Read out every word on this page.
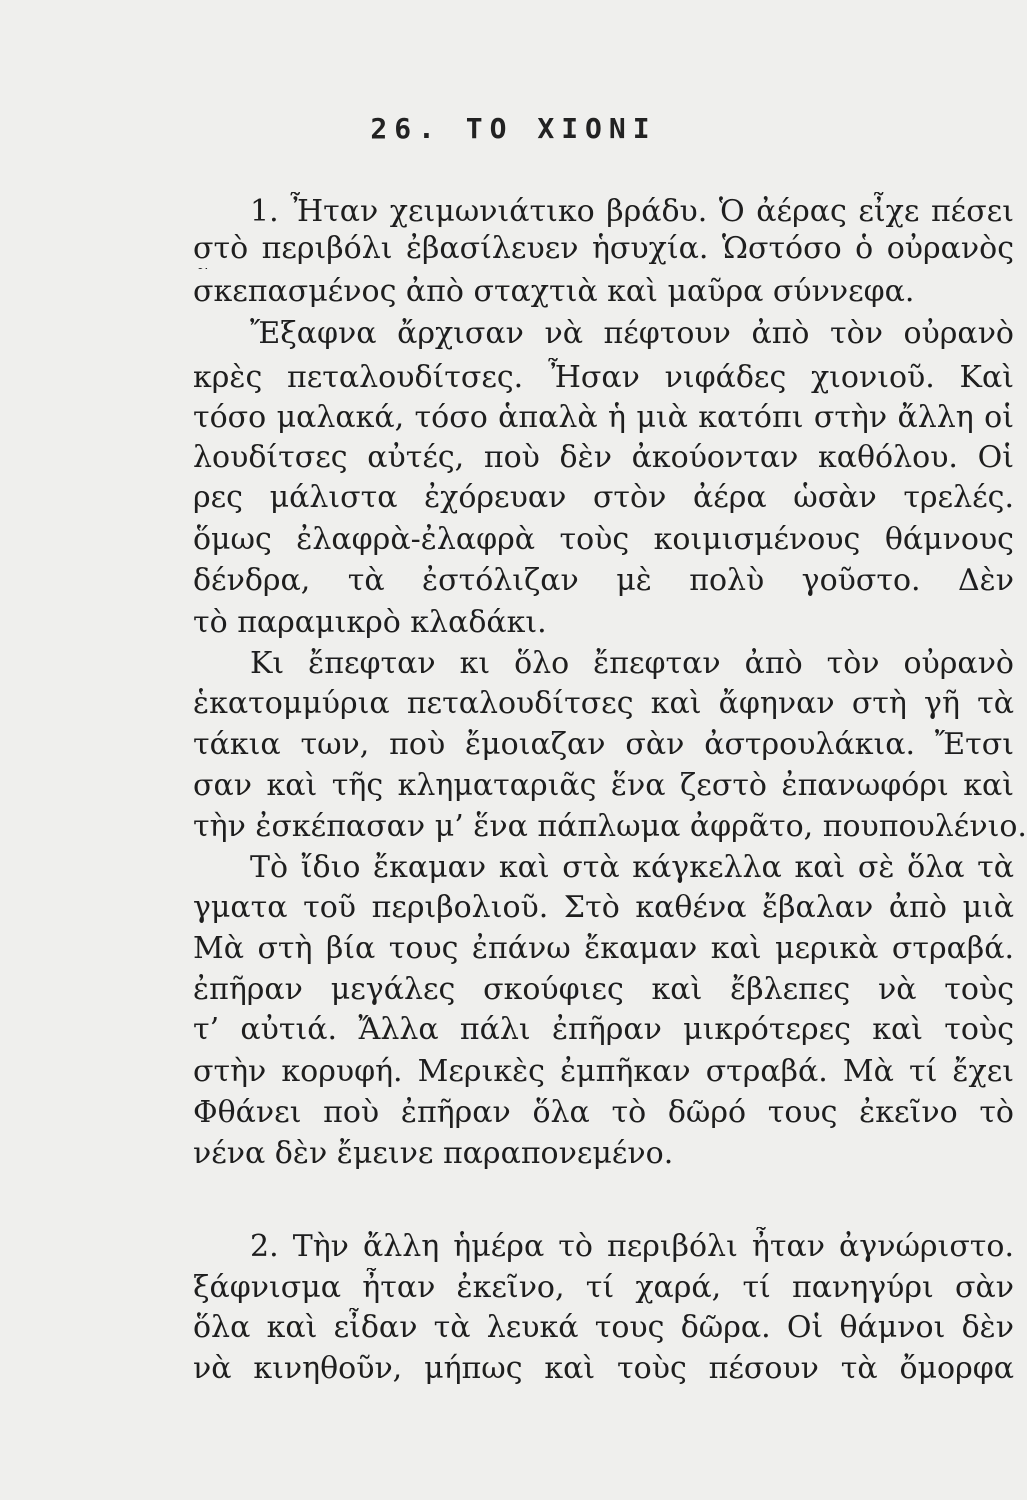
26. ΤΟ ΧΙΟΝΙ
1. Ἦταν χειμωνιάτικο βράδυ. Ὁ ἀέρας εἶχε πέσει
στὸ περιβόλι ἐβασίλευεν ἡσυχία. Ὡστόσο ὁ οὐρανὸς
σκεπασμένος ἀπὸ σταχτιὰ καὶ μαῦρα σύννεφα.
Ἔξαφνα ἄρχισαν νὰ πέφτουν ἀπὸ τὸν οὐρανὸ
κρὲς πεταλουδίτσες. Ἦσαν νιφάδες χιονιοῦ. Καὶ
τόσο μαλακά, τόσο ἁπαλὰ ἡ μιὰ κατόπι στὴν ἄλλη οἱ
λουδίτσες αὐτές, ποὺ δὲν ἀκούονταν καθόλου. Οἱ
ρες μάλιστα ἐχόρευαν στὸν ἀέρα ὡσὰν τρελές.
ὅμως ἐλαφρὰ-ἐλαφρὰ τοὺς κοιμισμένους θάμνους
δένδρα, τὰ ἐστόλιζαν μὲ πολὺ γοῦστο. Δὲν
τὸ παραμικρὸ κλαδάκι.
Κι ἔπεφταν κι ὅλο ἔπεφταν ἀπὸ τὸν οὐρανὸ
ἑκατομμύρια πεταλουδίτσες καὶ ἄφηναν στὴ γῆ τὰ
τάκια των, ποὺ ἔμοιαζαν σὰν ἀστρουλάκια. Ἔτσι
σαν καὶ τῆς κληματαριᾶς ἕνα ζεστὸ ἐπανωφόρι καὶ
τὴν ἐσκέπασαν μ’ ἕνα πάπλωμα ἀφρᾶτο, πουπουλένιο.
Τὸ ἴδιο ἔκαμαν καὶ στὰ κάγκελλα καὶ σὲ ὅλα τὰ
γματα τοῦ περιβολιοῦ. Στὸ καθένα ἔβαλαν ἀπὸ μιὰ
Μὰ στὴ βία τους ἐπάνω ἔκαμαν καὶ μερικὰ στραβά.
ἐπῆραν μεγάλες σκούφιες καὶ ἔβλεπες νὰ τοὺς
τ’ αὐτιά. Ἄλλα πάλι ἐπῆραν μικρότερες καὶ τοὺς
στὴν κορυφή. Μερικὲς ἐμπῆκαν στραβά. Μὰ τί ἔχει
Φθάνει ποὺ ἐπῆραν ὅλα τὸ δῶρό τους ἐκεῖνο τὸ
νένα δὲν ἔμεινε παραπονεμένο.
2. Τὴν ἄλλη ἡμέρα τὸ περιβόλι ἦταν ἀγνώριστο.
ξάφνισμα ἦταν ἐκεῖνο, τί χαρά, τί πανηγύρι σὰν
ὅλα καὶ εἶδαν τὰ λευκά τους δῶρα. Οἱ θάμνοι δὲν
νὰ κινηθοῦν, μήπως καὶ τοὺς πέσουν τὰ ὄμορφα
